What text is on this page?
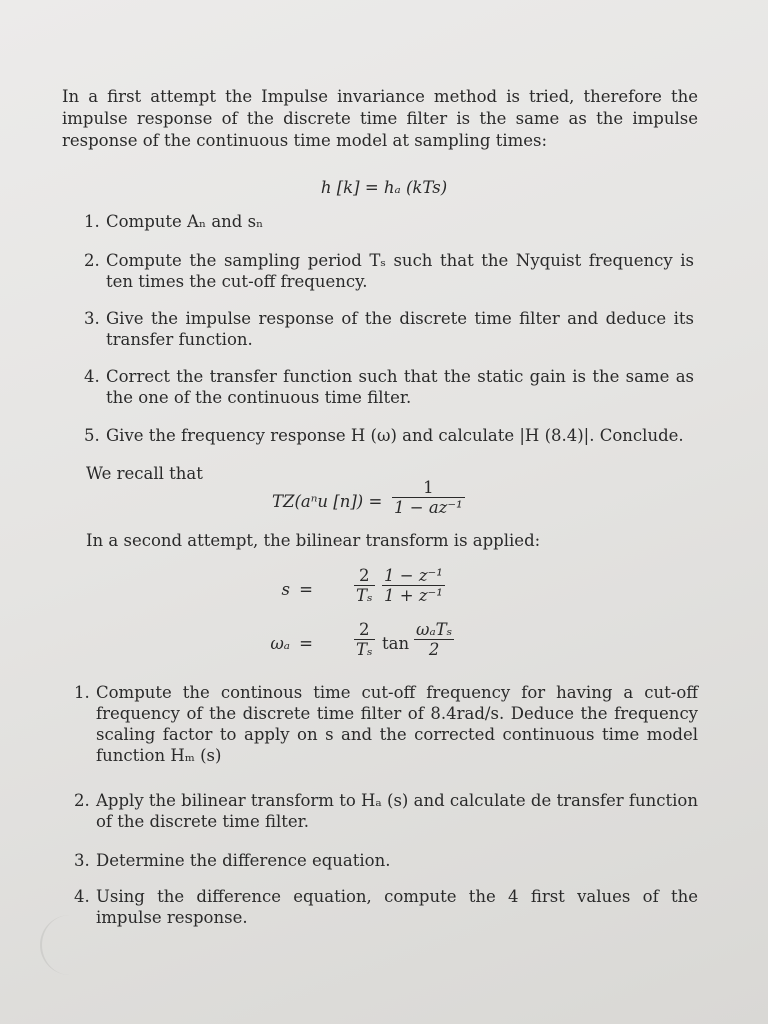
In a first attempt the Impulse invariance method is tried, therefore the impulse response of the discrete time filter is the same as the impulse response of the continuous time model at sampling times:
h [k] = hₐ (kTs)
1. Compute Aₙ and sₙ
2. Compute the sampling period Tₛ such that the Nyquist frequency is ten times the cut-off frequency.
3. Give the impulse response of the discrete time filter and deduce its transfer function.
4. Correct the transfer function such that the static gain is the same as the one of the continuous time filter.
5. Give the frequency response H (ω) and calculate |H (8.4)|. Conclude.
We recall that
TZ(aⁿu $[n]) = \frac{1}{\text{1 − az⁻¹}}$
In a second attempt, the bilinear transform is applied:
$s = \frac{2}{\text{Tₛ}} \frac{\text{1 − z⁻¹}}{\text{1 + z⁻¹}}$
$\omega_a = \frac{2}{\text{Tₛ}}$ tan
ωₐTₛ
2
1. Compute the continous time cut-off frequency for having a cut-off frequency of the discrete time filter of 8.4rad/s. Deduce the frequency scaling factor to apply on s and the corrected continuous time model function Hₘ (s)
2. Apply the bilinear transform to Hₐ (s) and calculate de transfer function of the discrete time filter.
3. Determine the difference equation.
4. Using the difference equation, compute the 4 first values of the impulse response.
